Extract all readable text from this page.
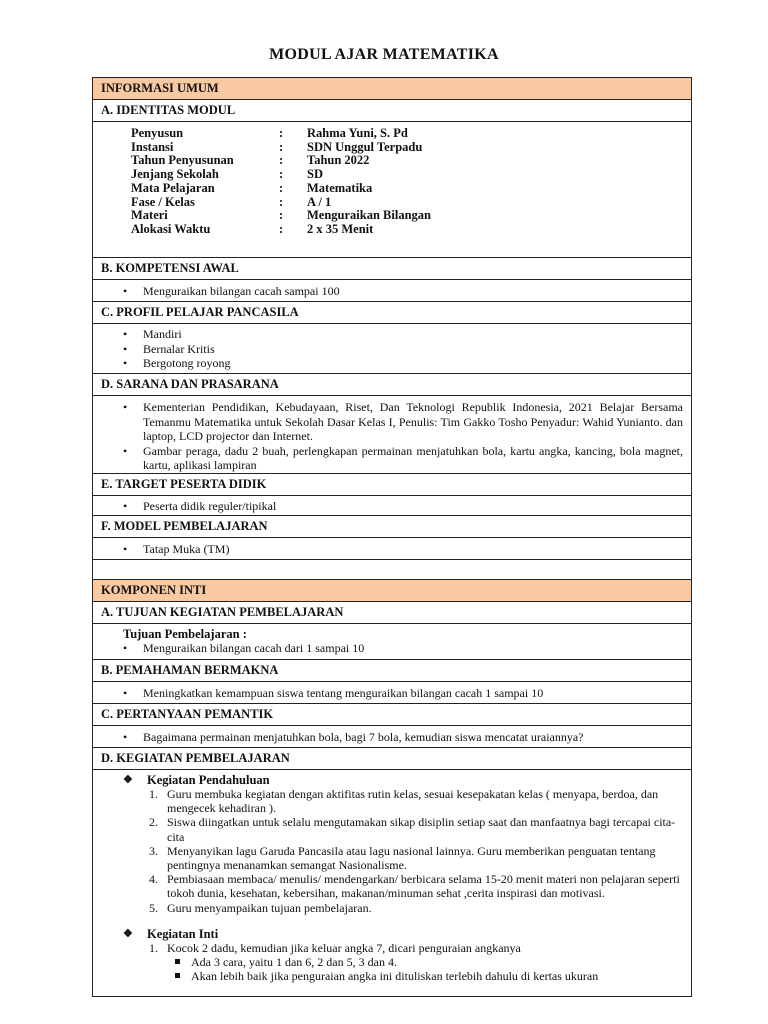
MODUL AJAR MATEMATIKA
INFORMASI UMUM
A. IDENTITAS MODUL
Penyusun	:	Rahma Yuni, S. Pd
Instansi	:	SDN Unggul Terpadu
Tahun Penyusunan	:	Tahun 2022
Jenjang Sekolah	:	SD
Mata Pelajaran	:	Matematika
Fase / Kelas	:	A / 1
Materi	:	Menguraikan Bilangan
Alokasi Waktu	:	2 x 35 Menit
B. KOMPETENSI AWAL
• Menguraikan bilangan cacah sampai 100
C. PROFIL PELAJAR PANCASILA
• Mandiri
• Bernalar Kritis
• Bergotong royong
D. SARANA DAN PRASARANA
• Kementerian Pendidikan, Kebudayaan, Riset, Dan Teknologi Republik Indonesia, 2021 Belajar Bersama Temanmu Matematika untuk Sekolah Dasar Kelas I, Penulis: Tim Gakko Tosho Penyadur: Wahid Yunianto. dan laptop, LCD projector dan Internet.
• Gambar peraga, dadu 2 buah, perlengkapan permainan menjatuhkan bola, kartu angka, kancing, bola magnet, kartu, aplikasi lampiran
E. TARGET PESERTA DIDIK
• Peserta didik reguler/tipikal
F. MODEL PEMBELAJARAN
• Tatap Muka (TM)
KOMPONEN INTI
A. TUJUAN KEGIATAN PEMBELAJARAN
Tujuan Pembelajaran :
• Menguraikan bilangan cacah dari 1 sampai 10
B. PEMAHAMAN BERMAKNA
• Meningkatkan kemampuan siswa tentang menguraikan bilangan cacah 1 sampai 10
C. PERTANYAAN PEMANTIK
• Bagaimana permainan menjatuhkan bola, bagi 7 bola, kemudian siswa mencatat uraiannya?
D. KEGIATAN PEMBELAJARAN
❖ Kegiatan Pendahuluan
1. Guru membuka kegiatan dengan aktifitas rutin kelas, sesuai kesepakatan kelas ( menyapa, berdoa, dan mengecek kehadiran ).
2. Siswa diingatkan untuk selalu mengutamakan sikap disiplin setiap saat dan manfaatnya bagi tercapai cita-cita
3. Menyanyikan lagu Garuda Pancasila atau lagu nasional lainnya. Guru memberikan penguatan tentang pentingnya menanamkan semangat Nasionalisme.
4. Pembiasaan membaca/ menulis/ mendengarkan/ berbicara selama 15-20 menit materi non pelajaran seperti tokoh dunia, kesehatan, kebersihan, makanan/minuman sehat ,cerita inspirasi dan motivasi.
5. Guru menyampaikan tujuan pembelajaran.
❖ Kegiatan Inti
1. Kocok 2 dadu, kemudian jika keluar angka 7, dicari penguraian angkanya
Ada 3 cara, yaitu 1 dan 6, 2 dan 5, 3 dan 4.
Akan lebih baik jika penguraian angka ini dituliskan terlebih dahulu di kertas ukuran
